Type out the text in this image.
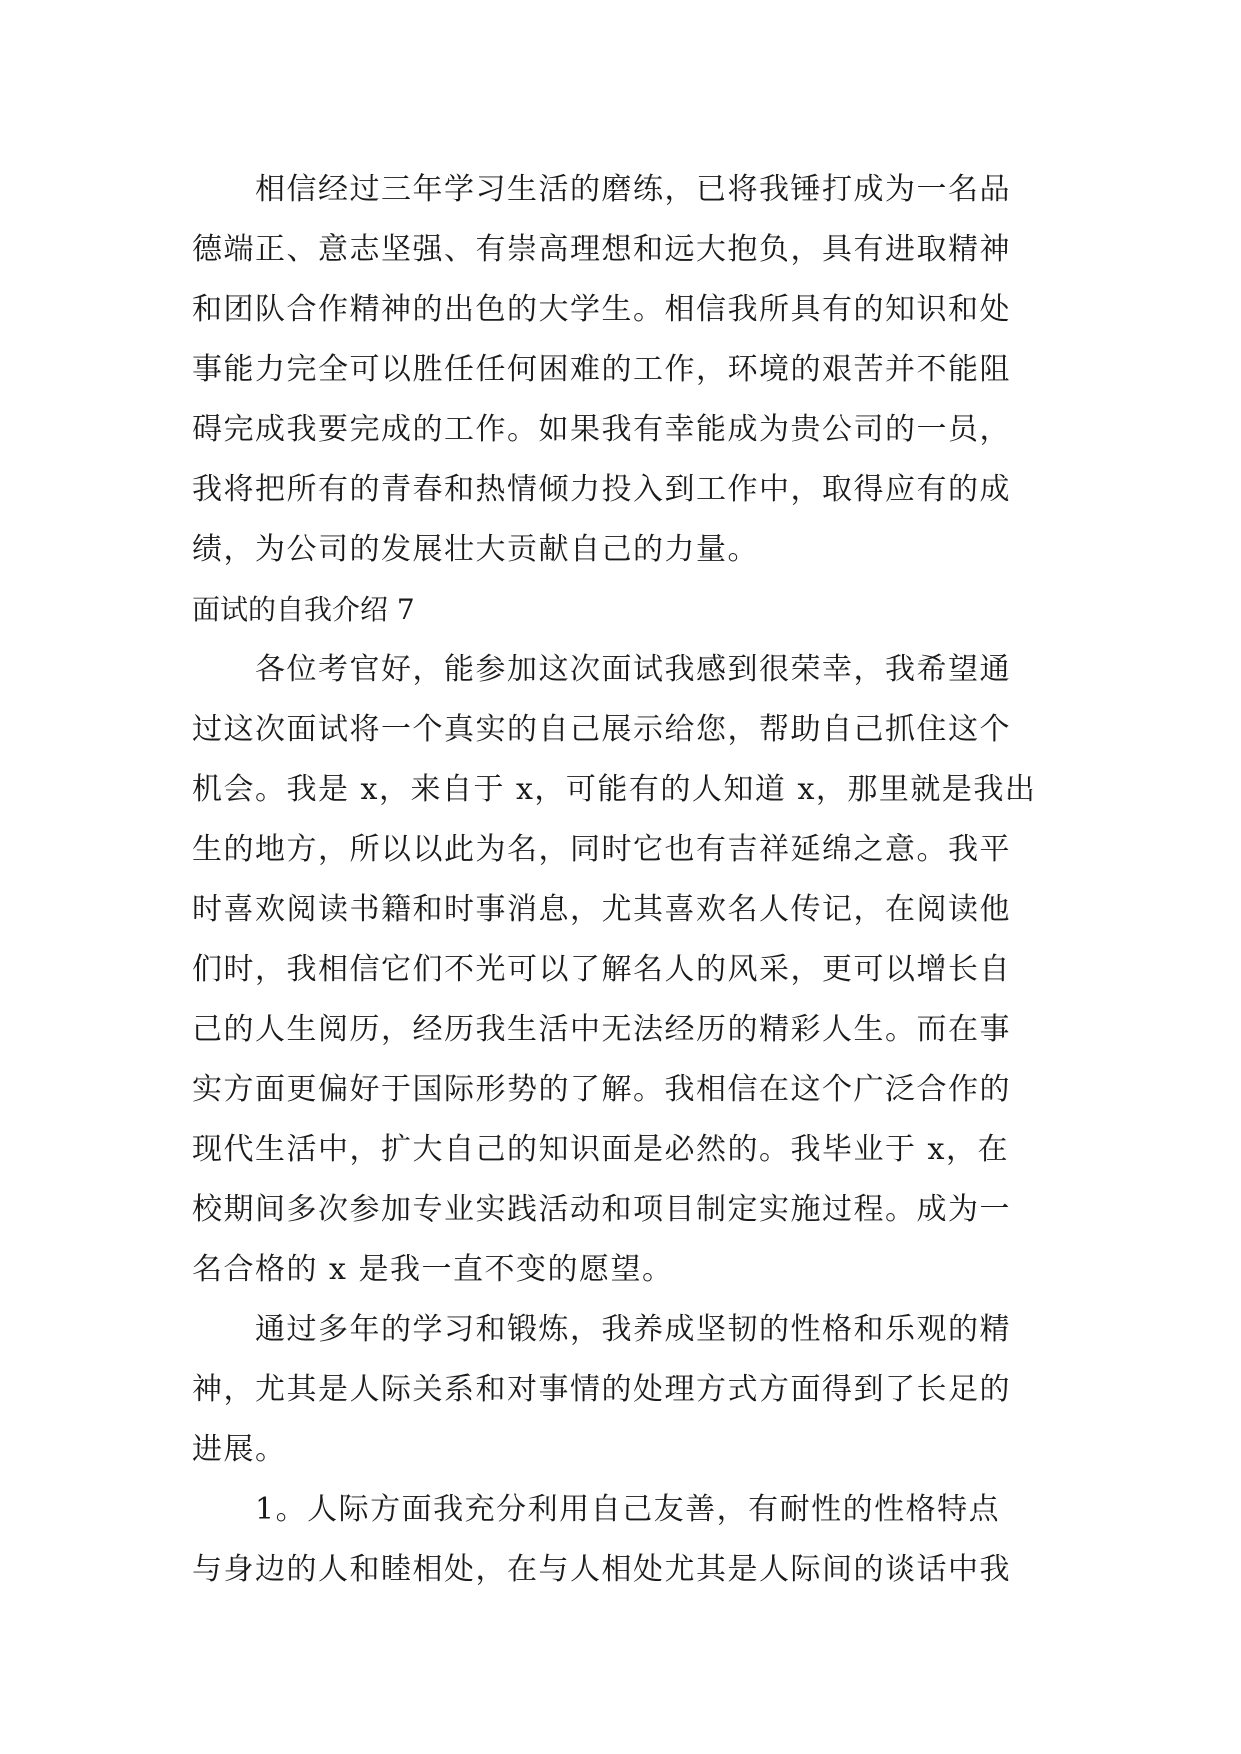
相信经过三年学习生活的磨练，已将我锤打成为一名品
德端正、意志坚强、有崇高理想和远大抱负，具有进取精神
和团队合作精神的出色的大学生。相信我所具有的知识和处
事能力完全可以胜任任何困难的工作，环境的艰苦并不能阻
碍完成我要完成的工作。如果我有幸能成为贵公司的一员，
我将把所有的青春和热情倾力投入到工作中，取得应有的成
绩，为公司的发展壮大贡献自己的力量。
面试的自我介绍 7
各位考官好，能参加这次面试我感到很荣幸，我希望通
过这次面试将一个真实的自己展示给您，帮助自己抓住这个
机会。我是 x，来自于 x，可能有的人知道 x，那里就是我出
生的地方，所以以此为名，同时它也有吉祥延绵之意。我平
时喜欢阅读书籍和时事消息，尤其喜欢名人传记，在阅读他
们时，我相信它们不光可以了解名人的风采，更可以增长自
己的人生阅历，经历我生活中无法经历的精彩人生。而在事
实方面更偏好于国际形势的了解。我相信在这个广泛合作的
现代生活中，扩大自己的知识面是必然的。我毕业于 x，在
校期间多次参加专业实践活动和项目制定实施过程。成为一
名合格的 x 是我一直不变的愿望。
通过多年的学习和锻炼，我养成坚韧的性格和乐观的精
神，尤其是人际关系和对事情的处理方式方面得到了长足的
进展。
1。人际方面我充分利用自己友善，有耐性的性格特点
与身边的人和睦相处，在与人相处尤其是人际间的谈话中我
